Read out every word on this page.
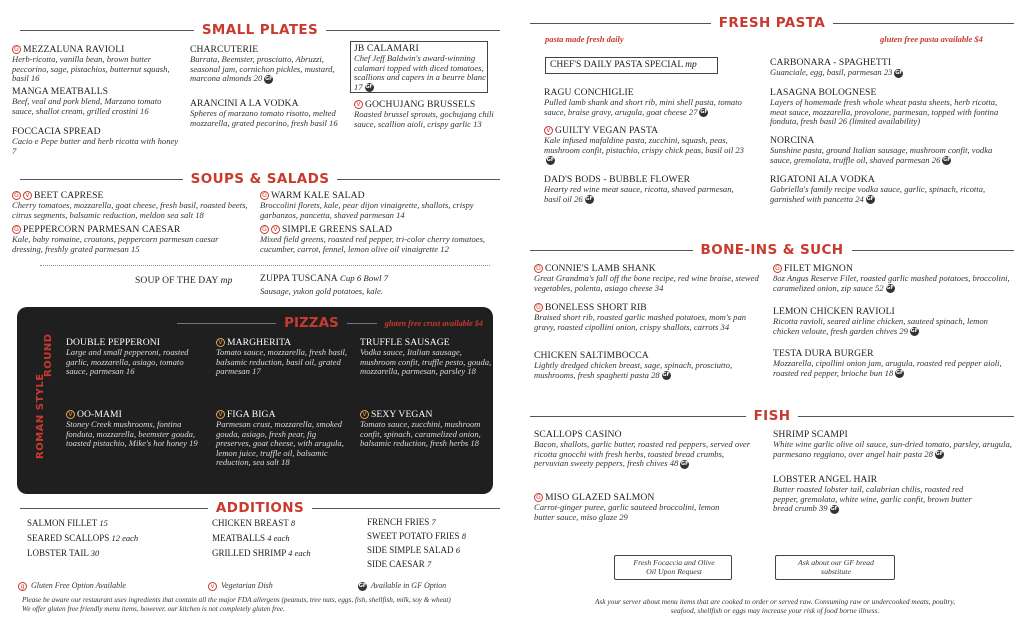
SMALL PLATES
G MEZZALUNA RAVIOLI
Herb-ricotta, vanilla bean, brown butter peccorino, sage, pistachios, butternut squash, basil 16
MANGA MEATBALLS
Beef, veal and pork blend, Marzano tomato sauce, shallot cream, grilled crostini 16
FOCCACIA SPREAD
Cacio e Pepe butter and herb ricotta with honey 7
CHARCUTERIE
Burrata, Beemster, prosciutto, Abruzzi, seasonal jam, cornichon pickles, mustard, marcona almonds 20 GF
ARANCINI A LA VODKA
Spheres of marzano tomato risotto, melted mozzarella, grated pecorino, fresh basil 16
JB CALAMARI
Chef Jeff Baldwin's award-winning calamari topped with diced tomatoes, scallions and capers in a beurre blanc 17 GF
V GOCHUJANG BRUSSELS
Roasted brussel sprouts, gochujang chili sauce, scallion aioli, crispy garlic 13
SOUPS & SALADS
G V BEET CAPRESE
Cherry tomatoes, mozzarella, goat cheese, fresh basil, roasted beets, citrus segments, balsamic reduction, meldon sea salt 18
G PEPPERCORN PARMESAN CAESAR
Kale, baby romaine, croutons, peppercorn parmesan caesar dressing, freshly grated parmesan 15
G WARM KALE SALAD
Broccolini florets, kale, pear dijon vinaigrette, shallots, crispy garbanzos, pancetta, shaved parmesan 14
G V SIMPLE GREENS SALAD
Mixed field greens, roasted red pepper, tri-color cherry tomatoes, cucumber, carrot, fennel, lemon olive oil vinaigrette 12
SOUP OF THE DAY mp	ZUPPA TUSCANA Cup 6 Bowl 7
Sausage, yukon gold potatoes, kale.
PIZZAS	gluten free crust available $4
ROUND
ROMAN STYLE
DOUBLE PEPPERONI
Large and small pepperoni, roasted garlic, mozzarella, asiago, tomato sauce, parmesan 16
V MARGHERITA
Tomato sauce, mozzarella, fresh basil, balsamic reduction, basil oil, grated parmesan 17
TRUFFLE SAUSAGE
Vodka sauce, Italian sausage, mushroom confit, truffle pesto, gouda, mozzarella, parmesan, parsley 18
V OO-MAMI
Stoney Creek mushrooms, fontina fonduta, mozzarella, beemster gouda, toasted pistachio, Mike's hot honey 19
V FIGA BIGA
Parmesan crust, mozzarella, smoked gouda, asiago, fresh pear, fig preserves, goat cheese, with arugula, lemon juice, truffle oil, balsamic reduction, sea salt 18
V SEXY VEGAN
Tomato sauce, zucchini, mushroom confit, spinach, caramelized onion, balsamic reduction, fresh herbs 18
ADDITIONS
SALMON FILLET 15
SEARED SCALLOPS 12 each
LOBSTER TAIL 30
CHICKEN BREAST 8
MEATBALLS 4 each
GRILLED SHRIMP 4 each
FRENCH FRIES 7
SWEET POTATO FRIES 8
SIDE SIMPLE SALAD 6
SIDE CAESAR 7
g Gluten Free Option Available	v Vegetarian Dish	GF Available in GF Option
Please be aware our restaurant uses ingredients that contain all the major FDA allergens (peanuts, tree nuts, eggs, fish, shellfish, milk, soy & wheat) We offer gluten free friendly menu items, however, our kitchen is not completely gluten free.
FRESH PASTA
pasta made fresh daily	gluten free pasta available $4
CHEF'S DAILY PASTA SPECIAL mp
RAGU CONCHIGLIE
Pulled lamb shank and short rib, mini shell pasta, tomato sauce, braise gravy, arugula, goat cheese 27 GF
V GUILTY VEGAN PASTA
Kale infused mafaldine pasta, zucchini, squash, peas, mushroom confit, pistachio, crispy chick peas, basil oil 23GF
DAD'S BODS - BUBBLE FLOWER
Hearty red wine meat sauce, ricotta, shaved parmesan, basil oil 26 GF
CARBONARA - SPAGHETTI
Guanciale, egg, basil, parmesan 23 GF
LASAGNA BOLOGNESE
Layers of homemade fresh whole wheat pasta sheets, herb ricotta, meat sauce, mozzarella, provolone, parmesan, topped with fontina fonduta, fresh basil 26 (limited availability)
NORCINA
Sunshine pasta, ground Italian sausage, mushroom confit, vodka sauce, gremolata, truffle oil, shaved parmesan 26 GF
RIGATONI ALA VODKA
Gabriella's family recipe vodka sauce, garlic, spinach, ricotta, garnished with pancetta 24 GF
BONE-INS & SUCH
G CONNIE'S LAMB SHANK
Great Grandma's fall off the bone recipe, red wine braise, stewed vegetables, polenta, asiago cheese 34
G BONELESS SHORT RIB
Braised short rib, roasted garlic mashed potatoes, mom's pan gravy, roasted cipollini onion, crispy shallots, carrots 34
CHICKEN SALTIMBOCCA
Lightly dredged chicken breast, sage, spinach, prosciutto, mushrooms, fresh spaghetti pasta 28 GF
G FILET MIGNON
8oz Angus Reserve Filet, roasted garlic mashed potatoes, broccolini, caramelized onion, zip sauce 52 GF
LEMON CHICKEN RAVIOLI
Ricotta ravioli, seared airline chicken, sauteed spinach, lemon chicken veloute, fresh garden chives 29 GF
TESTA DURA BURGER
Mozzarella, cipollini onion jam, arugula, roasted red pepper aioli, roasted red pepper, brioche bun 18 GF
FISH
SCALLOPS CASINO
Bacon, shallots, garlic butter, roasted red peppers, served over ricotta gnocchi with fresh herbs, toasted bread crumbs, pervuvian sweety peppers, fresh chives 48 GF
G MISO GLAZED SALMON
Carrot-ginger puree, garlic sauteed broccolini, lemon butter sauce, miso glaze 29
SHRIMP SCAMPI
White wine garlic olive oil sauce, sun-dried tomato, parsley, arugula, parmesano reggiano, over angel hair pasta 28 GF
LOBSTER ANGEL HAIR
Butter roasted lobster tail, calabrian chilis, roasted red pepper, gremolata, white wine, garlic confit, brown butter bread crumb 39 GF
Fresh Focaccia and Olive Oil Upon Request
Ask about our GF bread substitute
Ask your server about menu items that are cooked to order or served raw. Consuming raw or undercooked meats, poultry, seafood, shellfish or eggs may increase your risk of food borne illness.
